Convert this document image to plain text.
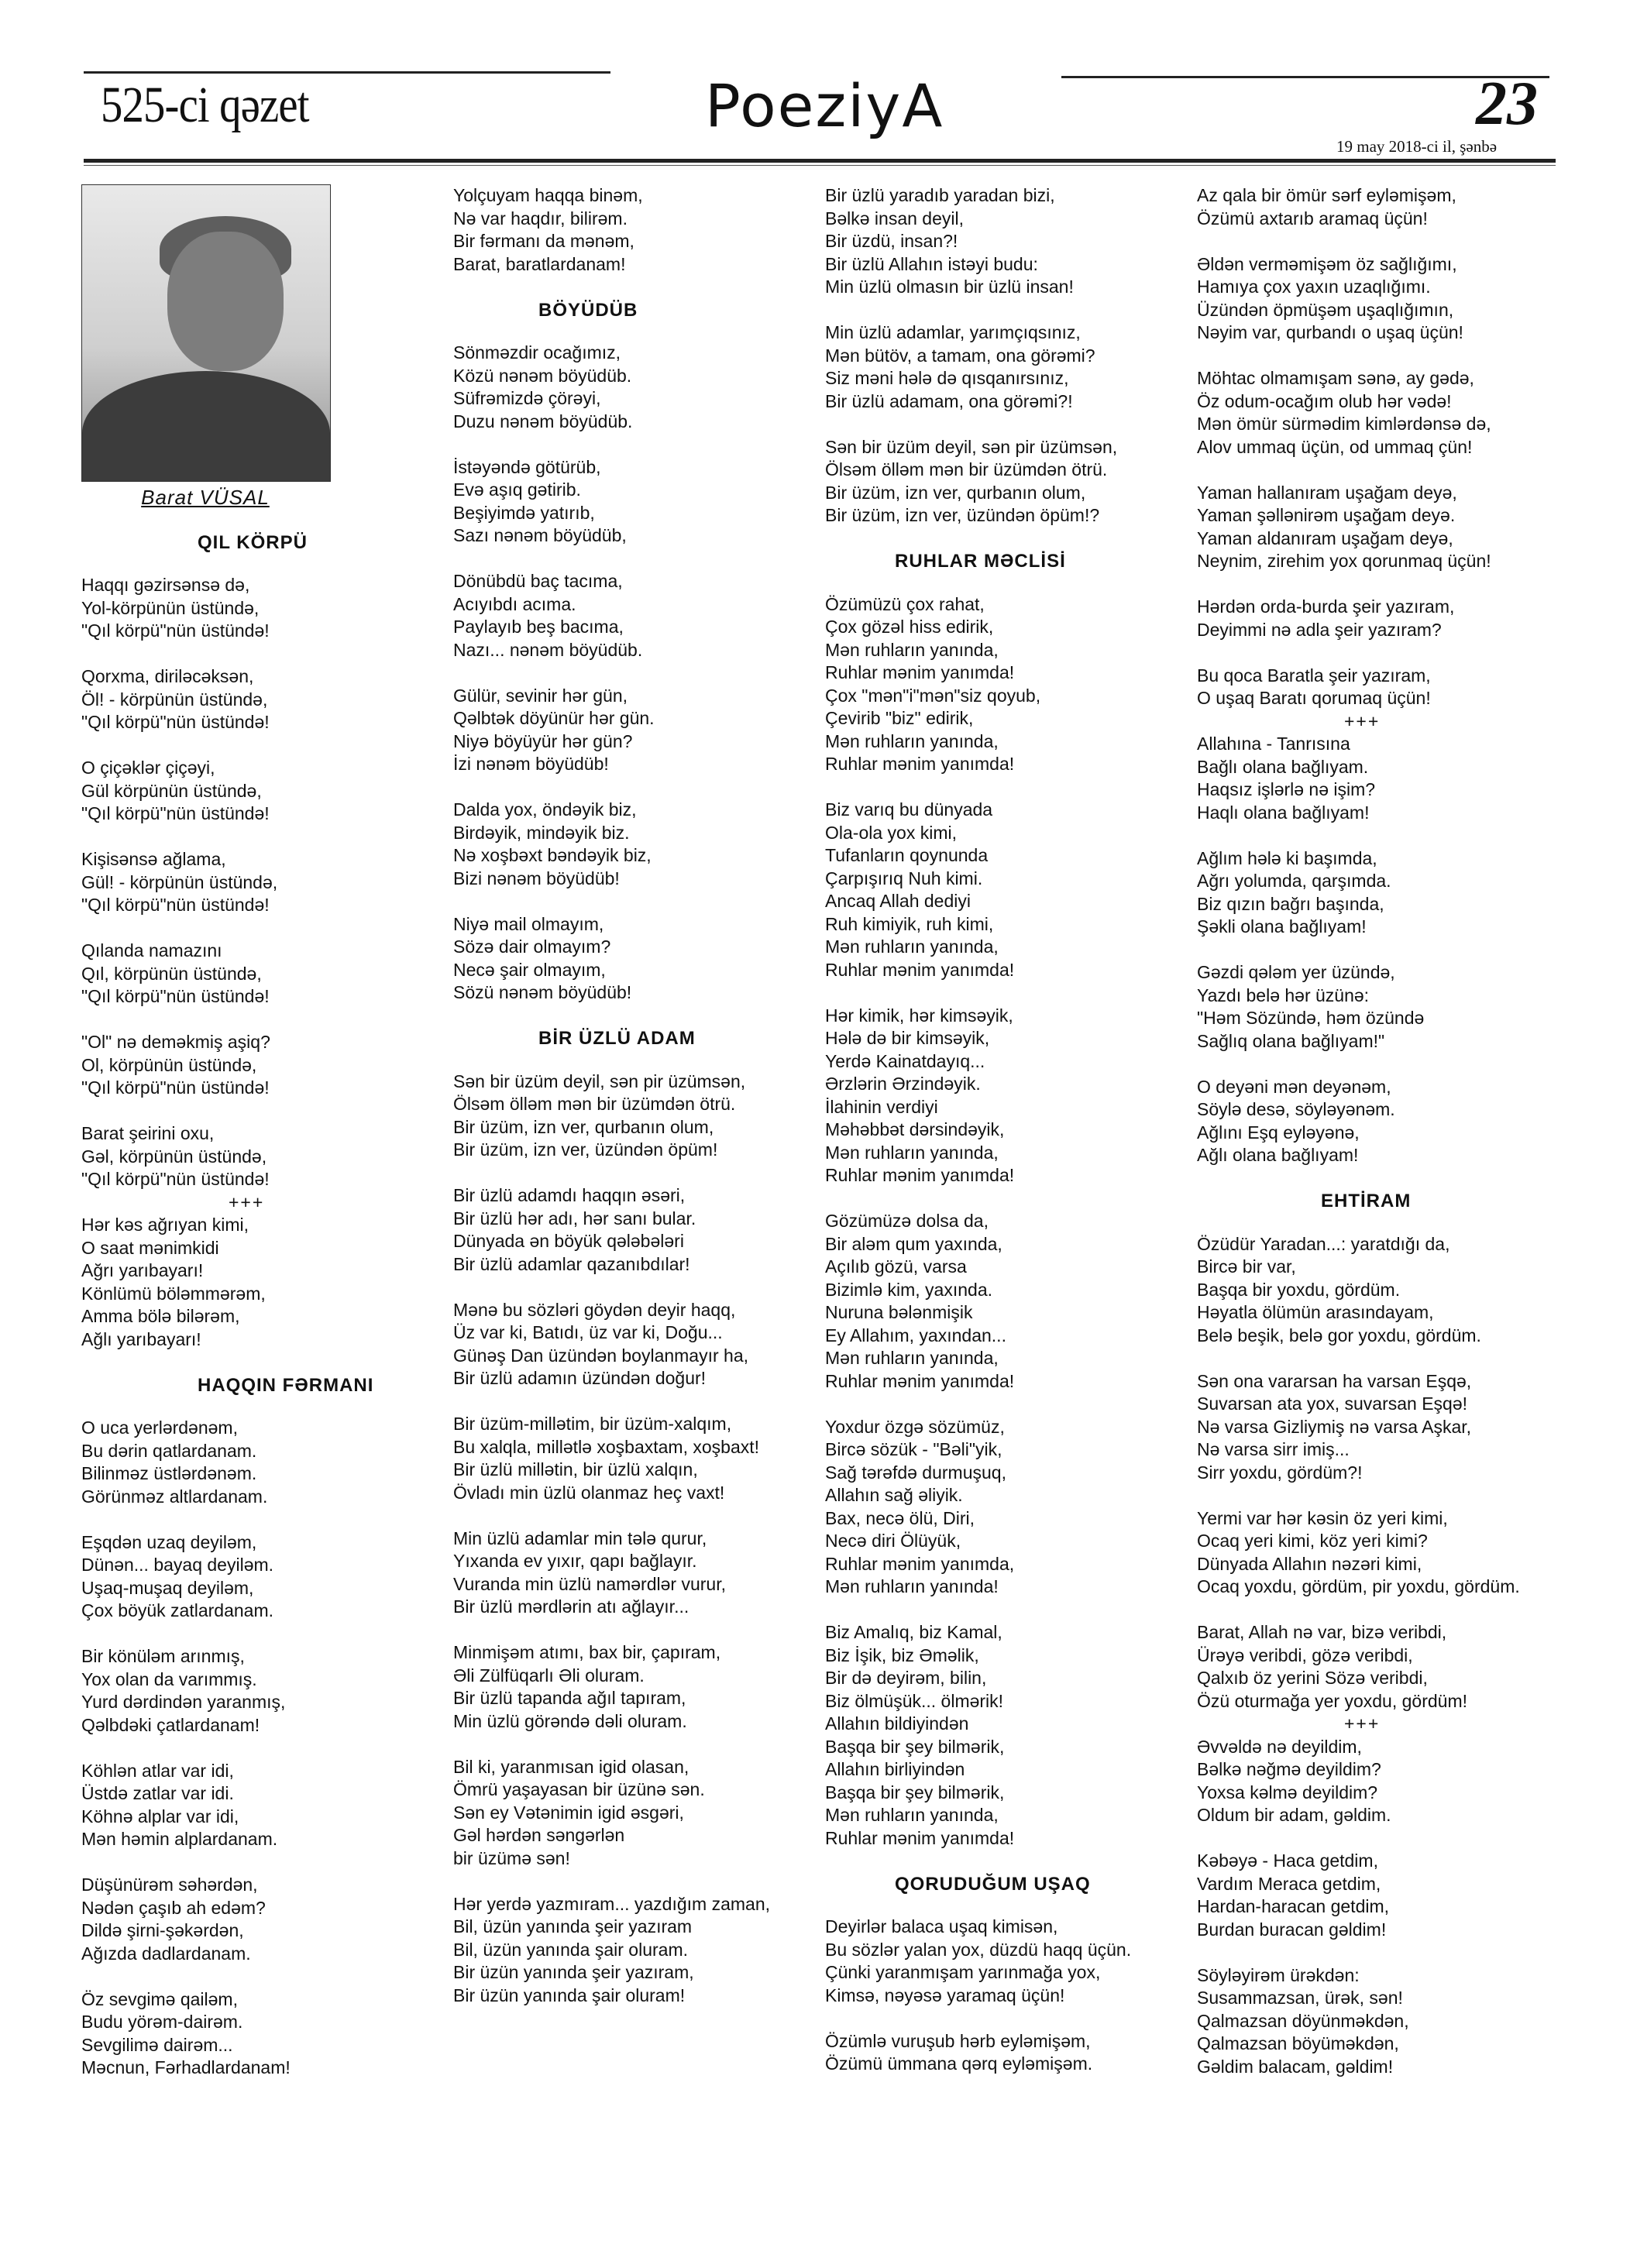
525-ci qəzet	PoeziyA	23
19 may 2018-ci il, şənbə
Barat VÜSAL
QIL KÖRPÜ
Haqqı gəzirsənsə də,
Yol-körpünün üstündə,
"Qıl körpü"nün üstündə!
Qorxma, diriləcəksən,
Öl! - körpünün üstündə,
"Qıl körpü"nün üstündə!
O çiçəklər çiçəyi,
Gül körpünün üstündə,
"Qıl körpü"nün üstündə!
Kişisənsə ağlama,
Gül! - körpünün üstündə,
"Qıl körpü"nün üstündə!
Qılanda namazını
Qıl, körpünün üstündə,
"Qıl körpü"nün üstündə!
"Ol" nə deməkmiş aşiq?
Ol, körpünün üstündə,
"Qıl körpü"nün üstündə!
Barat şeirini oxu,
Gəl, körpünün üstündə,
"Qıl körpü"nün üstündə!
+++
Hər kəs ağrıyan kimi,
O saat mənimkidi
Ağrı yarıbayarı!
Könlümü böləmmərəm,
Amma bölə bilərəm,
Ağlı yarıbayarı!
HAQQIN FƏRMANI
O uca yerlərdənəm,
Bu dərin qatlardanam.
Bilinməz üstlərdənəm.
Görünməz altlardanam.
Eşqdən uzaq deyiləm,
Dünən... bayaq deyiləm.
Uşaq-muşaq deyiləm,
Çox böyük zatlardanam.
Bir könüləm arınmış,
Yox olan da varımmış.
Yurd dərdindən yaranmış,
Qəlbdəki çatlardanam!
Köhlən atlar var idi,
Üstdə zatlar var idi.
Köhnə alplar var idi,
Mən həmin alplardanam.
Düşünürəm səhərdən,
Nədən çaşıb ah edəm?
Dildə şirni-şəkərdən,
Ağızda dadlardanam.
Öz sevgimə qailəm,
Budu yörəm-dairəm.
Sevgilimə dairəm...
Məcnun, Fərhadlardanam!
Yolçuyam haqqa binəm,
Nə var haqdır, bilirəm.
Bir fərmanı da mənəm,
Barat, baratlardanam!
BÖYÜDÜB
Sönməzdir ocağımız,
Közü nənəm böyüdüb.
Süfrəmizdə çörəyi,
Duzu nənəm böyüdüb.
İstəyəndə götürüb,
Evə aşıq gətirib.
Beşiyimdə yatırıb,
Sazı nənəm böyüdüb,
Dönübdü baç tacıma,
Acıyıbdı acıma.
Paylayıb beş bacıma,
Nazı... nənəm böyüdüb.
Gülür, sevinir hər gün,
Qəlbtək döyünür hər gün.
Niyə böyüyür hər gün?
İzi nənəm böyüdüb!
Dalda yox, öndəyik biz,
Birdəyik, mindəyik biz.
Nə xoşbəxt bəndəyik biz,
Bizi nənəm böyüdüb!
Niyə mail olmayım,
Sözə dair olmayım?
Necə şair olmayım,
Sözü nənəm böyüdüb!
BİR ÜZLÜ ADAM
Sən bir üzüm deyil, sən pir üzümsən,
Ölsəm ölləm mən bir üzümdən ötrü.
Bir üzüm, izn ver, qurbanın olum,
Bir üzüm, izn ver, üzündən öpüm!
Bir üzlü adamdı haqqın əsəri,
Bir üzlü hər adı, hər sanı bular.
Dünyada ən böyük qələbələri
Bir üzlü adamlar qazanıbdılar!
Mənə bu sözləri göydən deyir haqq,
Üz var ki, Batıdı, üz var ki, Doğu...
Günəş Dan üzündən boylanmayır ha,
Bir üzlü adamın üzündən doğur!
Bir üzüm-millətim, bir üzüm-xalqım,
Bu xalqla, millətlə xoşbaxtam, xoşbaxt!
Bir üzlü millətin, bir üzlü xalqın,
Övladı min üzlü olanmaz heç vaxt!
Min üzlü adamlar min tələ qurur,
Yıxanda ev yıxır, qapı bağlayır.
Vuranda min üzlü namərdlər vurur,
Bir üzlü mərdlərin atı ağlayır...
Minmişəm atımı, bax bir, çapıram,
Əli Zülfüqarlı Əli oluram.
Bir üzlü tapanda ağıl tapıram,
Min üzlü görəndə dəli oluram.
Bil ki, yaranmısan igid olasan,
Ömrü yaşayasan bir üzünə sən.
Sən ey Vətənimin igid əsgəri,
Gəl hərdən səngərlən
bir üzümə sən!
Hər yerdə yazmıram... yazdığım zaman,
Bil, üzün yanında şeir yazıram
Bil, üzün yanında şair oluram.
Bir üzün yanında şeir yazıram,
Bir üzün yanında şair oluram!
Bir üzlü yaradıb yaradan bizi,
Bəlkə insan deyil,
Bir üzdü, insan?!
Bir üzlü Allahın istəyi budu:
Min üzlü olmasın bir üzlü insan!
Min üzlü adamlar, yarımçıqsınız,
Mən bütöv, a tamam, ona görəmi?
Siz məni hələ də qısqanırsınız,
Bir üzlü adamam, ona görəmi?!
Sən bir üzüm deyil, sən pir üzümsən,
Ölsəm ölləm mən bir üzümdən ötrü.
Bir üzüm, izn ver, qurbanın olum,
Bir üzüm, izn ver, üzündən öpüm!?
RUHLAR MƏCLİSİ
Özümüzü çox rahat,
Çox gözəl hiss edirik,
Mən ruhların yanında,
Ruhlar mənim yanımda!
Çox "mən"i"mən"siz qoyub,
Çevirib "biz" edirik,
Mən ruhların yanında,
Ruhlar mənim yanımda!
Biz varıq bu dünyada
Ola-ola yox kimi,
Tufanların qoynunda
Çarpışırıq Nuh kimi.
Ancaq Allah dediyi
Ruh kimiyik, ruh kimi,
Mən ruhların yanında,
Ruhlar mənim yanımda!
Hər kimik, hər kimsəyik,
Hələ də bir kimsəyik,
Yerdə Kainatdayıq...
Ərzlərin Ərzindəyik.
İlahinin verdiyi
Məhəbbət dərsindəyik,
Mən ruhların yanında,
Ruhlar mənim yanımda!
Gözümüzə dolsa da,
Bir aləm qum yaxında,
Açılıb gözü, varsa
Bizimlə kim, yaxında.
Nuruna bələnmişik
Ey Allahım, yaxından...
Mən ruhların yanında,
Ruhlar mənim yanımda!
Yoxdur özgə sözümüz,
Bircə sözük - "Bəli"yik,
Sağ tərəfdə durmuşuq,
Allahın sağ əliyik.
Bax, necə ölü, Diri,
Necə diri Ölüyük,
Ruhlar mənim yanımda,
Mən ruhların yanında!
Biz Amalıq, biz Kamal,
Biz İşik, biz Əməlik,
Bir də deyirəm, bilin,
Biz ölmüşük... ölmərik!
Allahın bildiyindən
Başqa bir şey bilmərik,
Allahın birliyindən
Başqa bir şey bilmərik,
Mən ruhların yanında,
Ruhlar mənim yanımda!
QORUDUĞUM UŞAQ
Deyirlər balaca uşaq kimisən,
Bu sözlər yalan yox, düzdü haqq üçün.
Çünki yaranmışam yarınmağa yox,
Kimsə, nəyəsə yaramaq üçün!
Özümlə vuruşub hərb eyləmişəm,
Özümü ümmana qərq eyləmişəm.
Az qala bir ömür sərf eyləmişəm,
Özümü axtarıb aramaq üçün!
Əldən verməmişəm öz sağlığımı,
Hamıya çox yaxın uzaqlığımı.
Üzündən öpmüşəm uşaqlığımın,
Nəyim var, qurbandı o uşaq üçün!
Möhtac olmamışam sənə, ay gədə,
Öz odum-ocağım olub hər vədə!
Mən ömür sürmədim kimlərdənsə də,
Alov ummaq üçün, od ummaq çün!
Yaman hallanıram uşağam deyə,
Yaman şəllənirəm uşağam deyə.
Yaman aldanıram uşağam deyə,
Neynim, zirehim yox qorunmaq üçün!
Hərdən orda-burda şeir yazıram,
Deyimmi nə adla şeir yazıram?
Bu qoca Baratla şeir yazıram,
O uşaq Baratı qorumaq üçün!
+++
Allahına - Tanrısına
Bağlı olana bağlıyam.
Haqsız işlərlə nə işim?
Haqlı olana bağlıyam!
Ağlım hələ ki başımda,
Ağrı yolumda, qarşımda.
Biz qızın bağrı başında,
Şəkli olana bağlıyam!
Gəzdi qələm yer üzündə,
Yazdı belə hər üzünə:
"Həm Sözündə, həm özündə
Sağlıq olana bağlıyam!"
O deyəni mən deyənəm,
Söylə desə, söyləyənəm.
Ağlını Eşq eyləyənə,
Ağlı olana bağlıyam!
EHTİRAM
Özüdür Yaradan...: yaratdığı da,
Bircə bir var,
Başqa bir yoxdu, gördüm.
Həyatla ölümün arasındayam,
Belə beşik, belə gor yoxdu, gördüm.
Sən ona vararsan ha varsan Eşqə,
Suvarsan ata yox, suvarsan Eşqə!
Nə varsa Gizliymiş nə varsa Aşkar,
Nə varsa sirr imiş...
Sirr yoxdu, gördüm?!
Yermi var hər kəsin öz yeri kimi,
Ocaq yeri kimi, köz yeri kimi?
Dünyada Allahın nəzəri kimi,
Ocaq yoxdu, gördüm, pir yoxdu, gördüm.
Barat, Allah nə var, bizə veribdi,
Ürəyə veribdi, gözə veribdi,
Qalxıb öz yerini Sözə veribdi,
Özü oturmağa yer yoxdu, gördüm!
+++
Əvvəldə nə deyildim,
Bəlkə nəğmə deyildim?
Yoxsa kəlmə deyildim?
Oldum bir adam, gəldim.
Kəbəyə - Haca getdim,
Vardım Meraca getdim,
Hardan-haracan getdim,
Burdan buracan gəldim!
Söyləyirəm ürəkdən:
Susammazsan, ürək, sən!
Qalmazsan döyünməkdən,
Qalmazsan böyüməkdən,
Gəldim balacam, gəldim!
